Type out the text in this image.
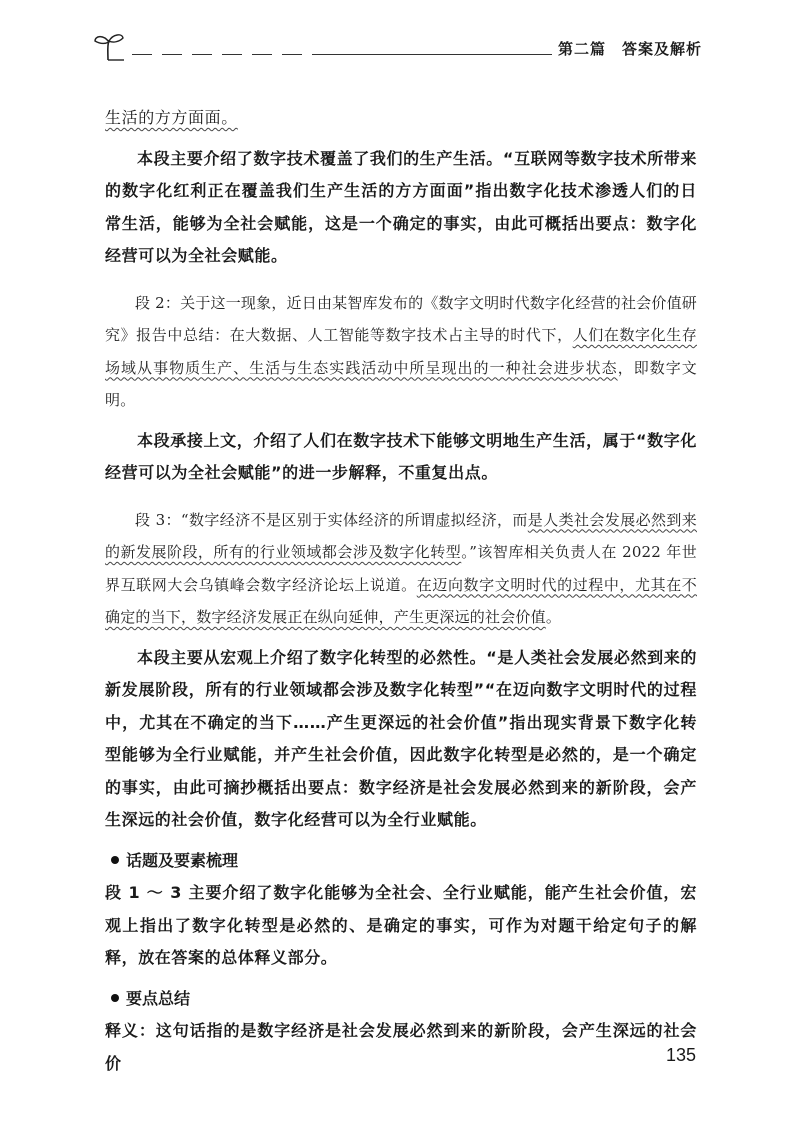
第二篇　答案及解析

生活的方方面面。

本段主要介绍了数字技术覆盖了我们的生产生活。“互联网等数字技术所带来的数字化红利正在覆盖我们生产生活的方方面面”指出数字化技术渗透人们的日常生活，能够为全社会赋能，这是一个确定的事实，由此可概括出要点：数字化经营可以为全社会赋能。

段 2：关于这一现象，近日由某智库发布的《数字文明时代数字化经营的社会价值研究》报告中总结：在大数据、人工智能等数字技术占主导的时代下，人们在数字化生存场域从事物质生产、生活与生态实践活动中所呈现出的一种社会进步状态，即数字文明。

本段承接上文，介绍了人们在数字技术下能够文明地生产生活，属于“数字化经营可以为全社会赋能”的进一步解释，不重复出点。

段 3：“数字经济不是区别于实体经济的所谓虚拟经济，而是人类社会发展必然到来的新发展阶段，所有的行业领域都会涉及数字化转型。”该智库相关负责人在 2022 年世界互联网大会乌镇峰会数字经济论坛上说道。在迈向数字文明时代的过程中，尤其在不确定的当下，数字经济发展正在纵向延伸，产生更深远的社会价值。

本段主要从宏观上介绍了数字化转型的必然性。“是人类社会发展必然到来的新发展阶段，所有的行业领域都会涉及数字化转型”“在迈向数字文明时代的过程中，尤其在不确定的当下……产生更深远的社会价值”指出现实背景下数字化转型能够为全行业赋能，并产生社会价值，因此数字化转型是必然的，是一个确定的事实，由此可摘抄概括出要点：数字经济是社会发展必然到来的新阶段，会产生深远的社会价值，数字化经营可以为全行业赋能。

话题及要素梳理

段 1 ～ 3 主要介绍了数字化能够为全社会、全行业赋能，能产生社会价值，宏观上指出了数字化转型是必然的、是确定的事实，可作为对题干给定句子的解释，放在答案的总体释义部分。

要点总结

释义：这句话指的是数字经济是社会发展必然到来的新阶段，会产生深远的社会价	135
